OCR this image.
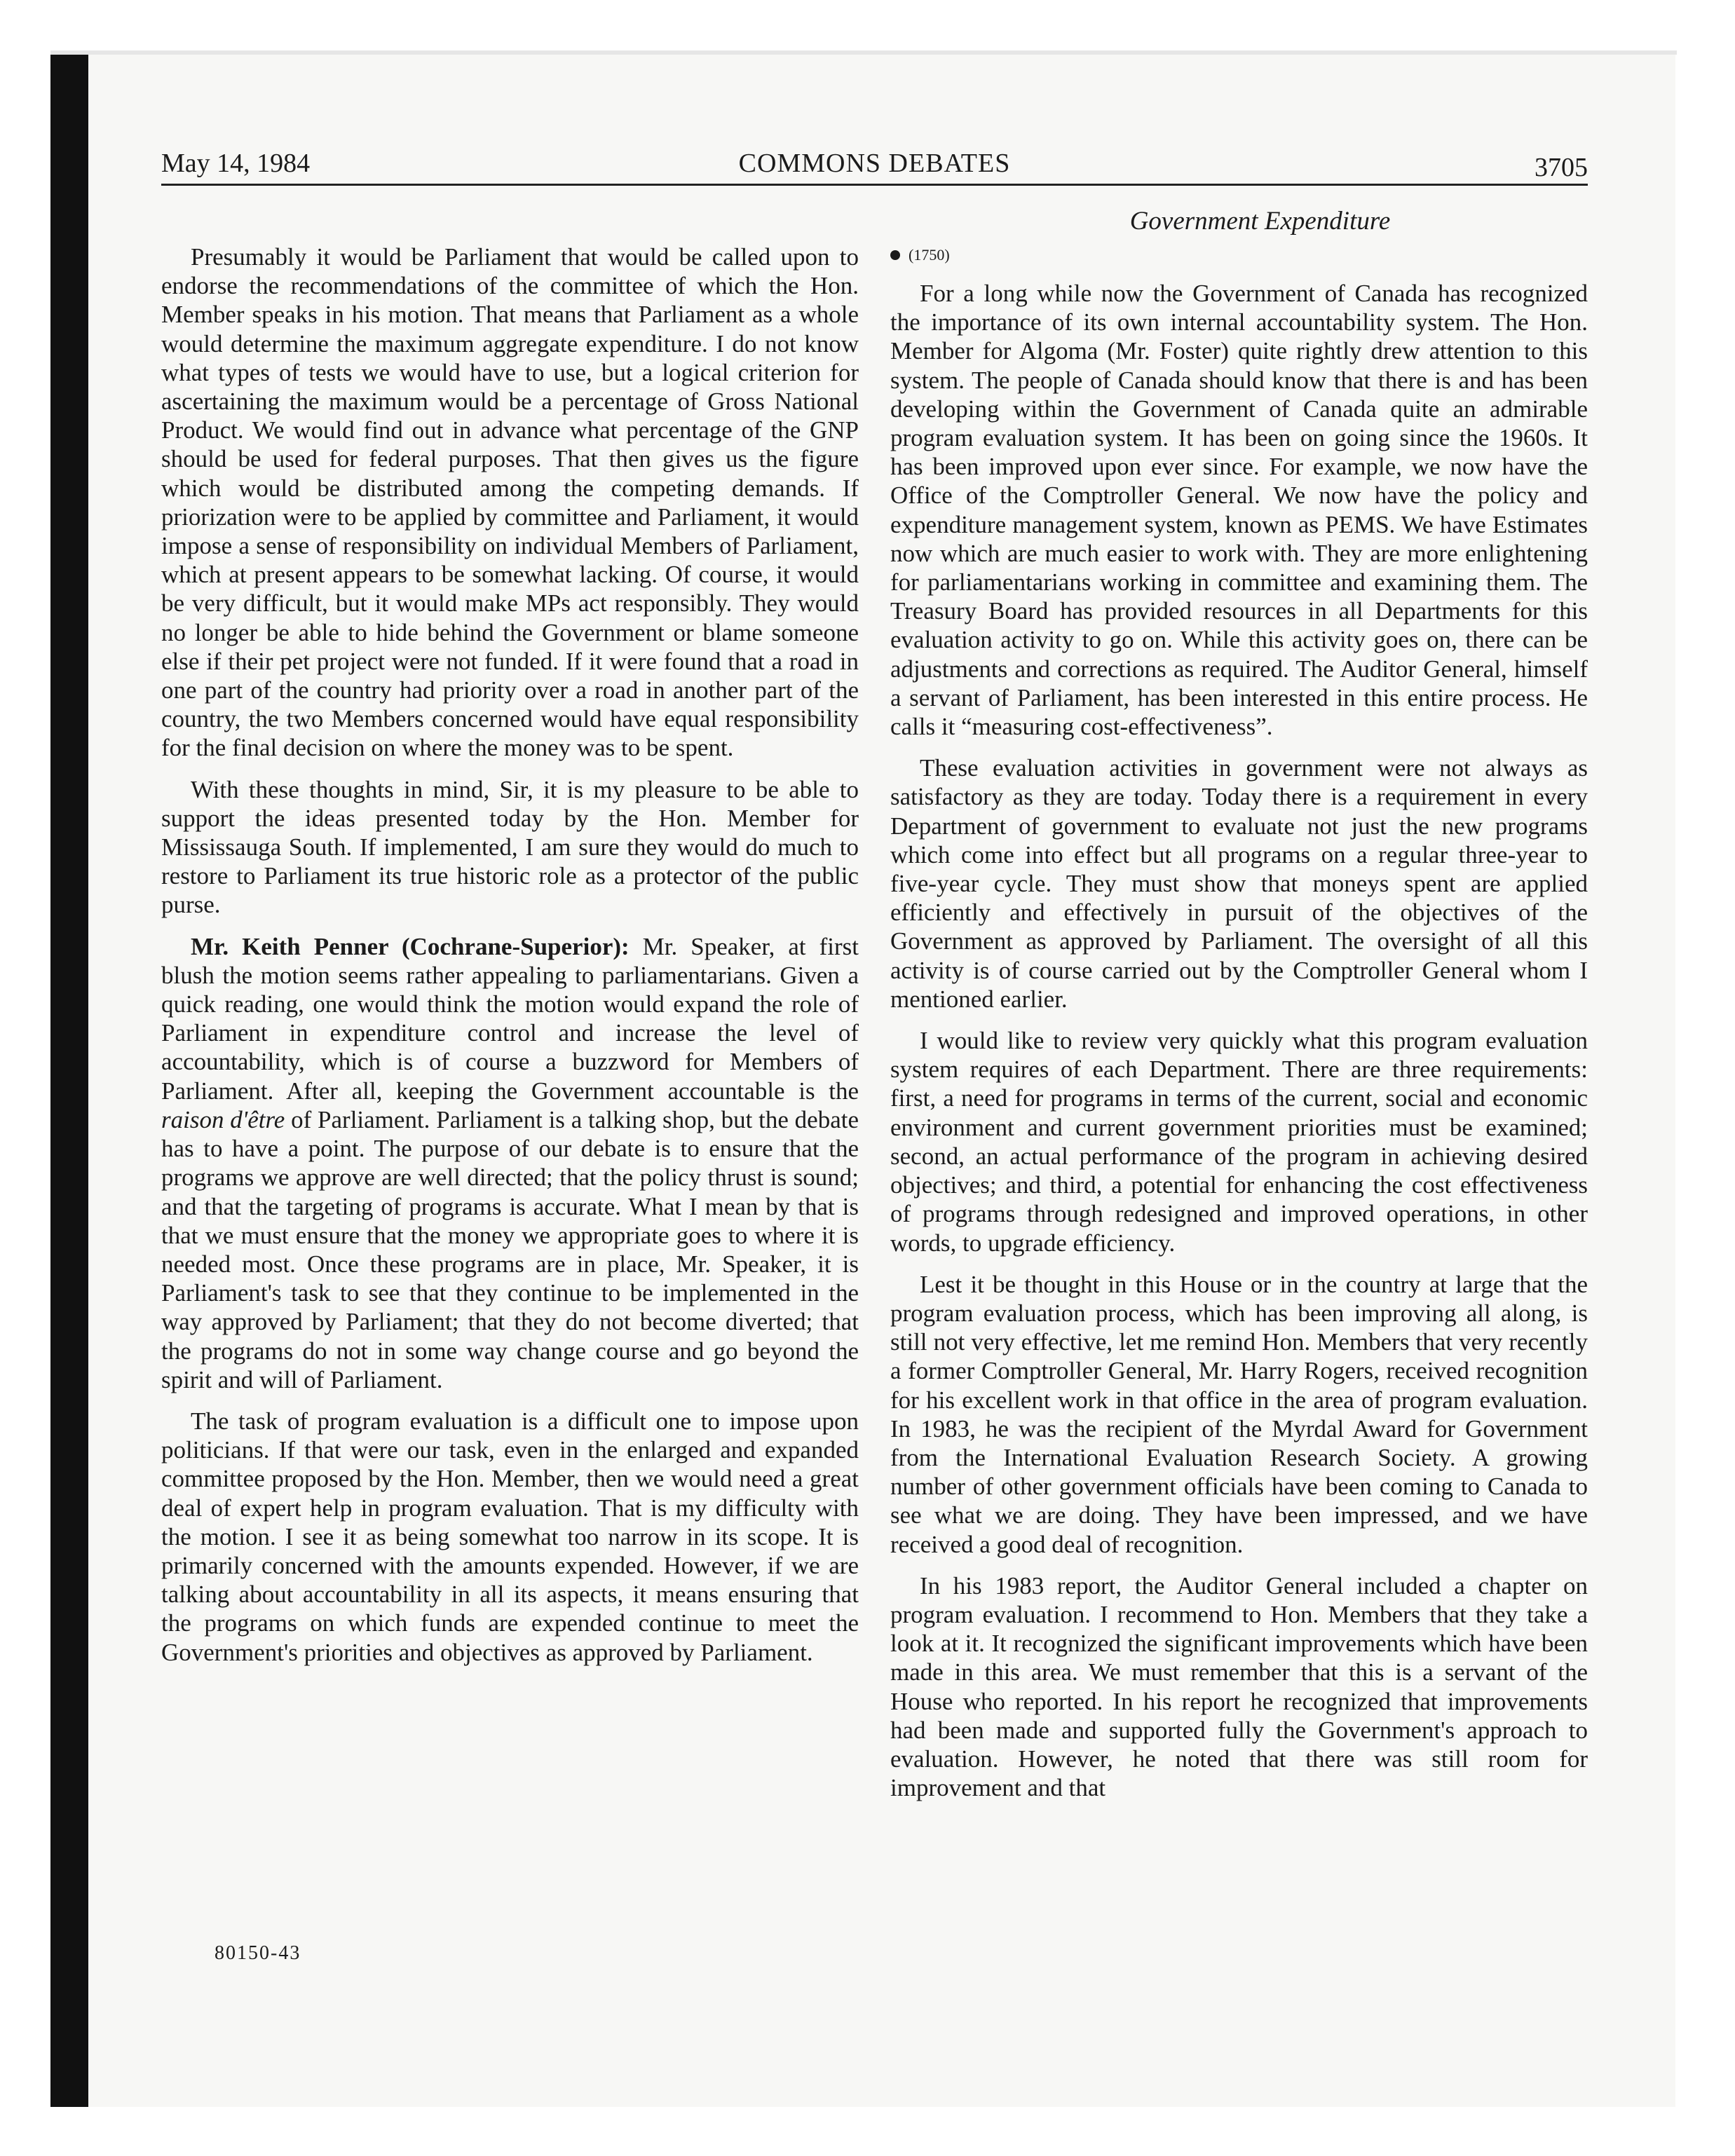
May 14, 1984	COMMONS DEBATES	3705

Presumably it would be Parliament that would be called upon to endorse the recommendations of the committee of which the Hon. Member speaks in his motion. That means that Parliament as a whole would determine the maximum aggregate expenditure. I do not know what types of tests we would have to use, but a logical criterion for ascertaining the maximum would be a percentage of Gross National Product. We would find out in advance what percentage of the GNP should be used for federal purposes. That then gives us the figure which would be distributed among the competing demands. If priorization were to be applied by committee and Parliament, it would impose a sense of responsibility on individual Members of Parliament, which at present appears to be somewhat lacking. Of course, it would be very difficult, but it would make MPs act responsibly. They would no longer be able to hide behind the Government or blame someone else if their pet project were not funded. If it were found that a road in one part of the country had priority over a road in another part of the country, the two Members concerned would have equal responsibility for the final decision on where the money was to be spent.

With these thoughts in mind, Sir, it is my pleasure to be able to support the ideas presented today by the Hon. Member for Mississauga South. If implemented, I am sure they would do much to restore to Parliament its true historic role as a protector of the public purse.

Mr. Keith Penner (Cochrane-Superior): Mr. Speaker, at first blush the motion seems rather appealing to parliamentarians. Given a quick reading, one would think the motion would expand the role of Parliament in expenditure control and increase the level of accountability, which is of course a buzzword for Members of Parliament. After all, keeping the Government accountable is the raison d'être of Parliament. Parliament is a talking shop, but the debate has to have a point. The purpose of our debate is to ensure that the programs we approve are well directed; that the policy thrust is sound; and that the targeting of programs is accurate. What I mean by that is that we must ensure that the money we appropriate goes to where it is needed most. Once these programs are in place, Mr. Speaker, it is Parliament's task to see that they continue to be implemented in the way approved by Parliament; that they do not become diverted; that the programs do not in some way change course and go beyond the spirit and will of Parliament.

The task of program evaluation is a difficult one to impose upon politicians. If that were our task, even in the enlarged and expanded committee proposed by the Hon. Member, then we would need a great deal of expert help in program evaluation. That is my difficulty with the motion. I see it as being somewhat too narrow in its scope. It is primarily concerned with the amounts expended. However, if we are talking about accountability in all its aspects, it means ensuring that the programs on which funds are expended continue to meet the Government's priorities and objectives as approved by Parliament.

Government Expenditure
(1750)

For a long while now the Government of Canada has recognized the importance of its own internal accountability system. The Hon. Member for Algoma (Mr. Foster) quite rightly drew attention to this system. The people of Canada should know that there is and has been developing within the Government of Canada quite an admirable program evaluation system. It has been on going since the 1960s. It has been improved upon ever since. For example, we now have the Office of the Comptroller General. We now have the policy and expenditure management system, known as PEMS. We have Estimates now which are much easier to work with. They are more enlightening for parliamentarians working in committee and examining them. The Treasury Board has provided resources in all Departments for this evaluation activity to go on. While this activity goes on, there can be adjustments and corrections as required. The Auditor General, himself a servant of Parliament, has been interested in this entire process. He calls it “measuring cost-effectiveness”.

These evaluation activities in government were not always as satisfactory as they are today. Today there is a requirement in every Department of government to evaluate not just the new programs which come into effect but all programs on a regular three-year to five-year cycle. They must show that moneys spent are applied efficiently and effectively in pursuit of the objectives of the Government as approved by Parliament. The oversight of all this activity is of course carried out by the Comptroller General whom I mentioned earlier.

I would like to review very quickly what this program evaluation system requires of each Department. There are three requirements: first, a need for programs in terms of the current, social and economic environment and current government priorities must be examined; second, an actual performance of the program in achieving desired objectives; and third, a potential for enhancing the cost effectiveness of programs through redesigned and improved operations, in other words, to upgrade efficiency.

Lest it be thought in this House or in the country at large that the program evaluation process, which has been improving all along, is still not very effective, let me remind Hon. Members that very recently a former Comptroller General, Mr. Harry Rogers, received recognition for his excellent work in that office in the area of program evaluation. In 1983, he was the recipient of the Myrdal Award for Government from the International Evaluation Research Society. A growing number of other government officials have been coming to Canada to see what we are doing. They have been impressed, and we have received a good deal of recognition.

In his 1983 report, the Auditor General included a chapter on program evaluation. I recommend to Hon. Members that they take a look at it. It recognized the significant improvements which have been made in this area. We must remember that this is a servant of the House who reported. In his report he recognized that improvements had been made and supported fully the Government's approach to evaluation. However, he noted that there was still room for improvement and that

80150-43
